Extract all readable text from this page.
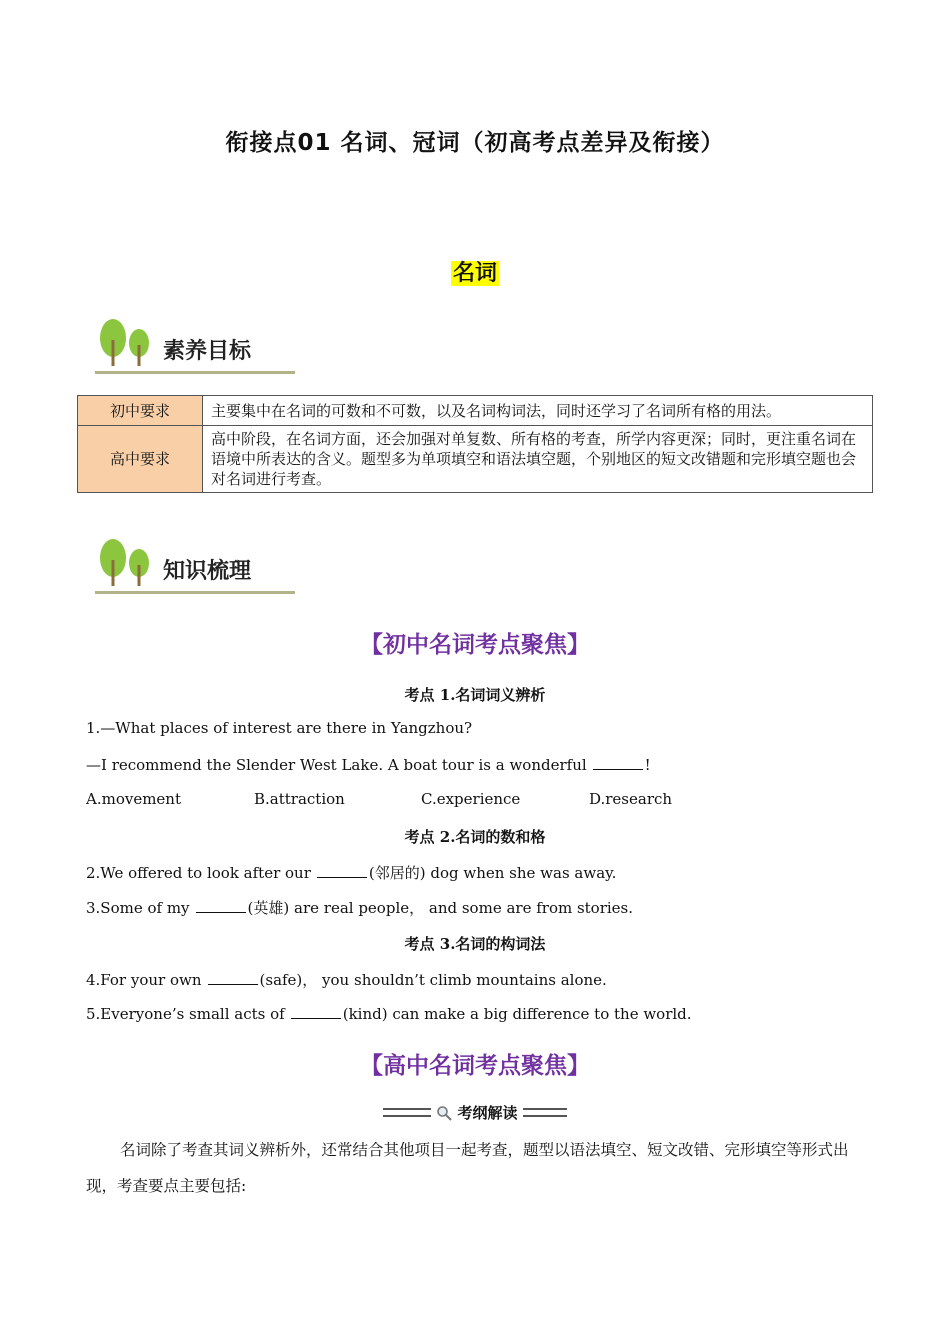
衔接点01 名词、冠词（初高考点差异及衔接）
名词
素养目标
初中要求	主要集中在名词的可数和不可数，以及名词构词法，同时还学习了名词所有格的用法。
高中要求	高中阶段，在名词方面，还会加强对单复数、所有格的考查，所学内容更深；同时，更注重名词在语境中所表达的含义。题型多为单项填空和语法填空题，个别地区的短文改错题和完形填空题也会对名词进行考查。
知识梳理
【初中名词考点聚焦】
考点 1.名词词义辨析
1.—What places of interest are there in Yangzhou?
—I recommend the Slender West Lake. A boat tour is a wonderful	!
A.movement	B.attraction	C.experience	D.research
考点 2.名词的数和格
2.We offered to look after our	(邻居的) dog when she was away.
3.Some of my	(英雄) are real people， and some are from stories.
考点 3.名词的构词法
4.For your own	(safe)， you shouldn’t climb mountains alone.
5.Everyone’s small acts of	(kind) can make a big difference to the world.
【高中名词考点聚焦】
考纲解读
名词除了考查其词义辨析外，还常结合其他项目一起考查，题型以语法填空、短文改错、完形填空等形式出现，考查要点主要包括:
